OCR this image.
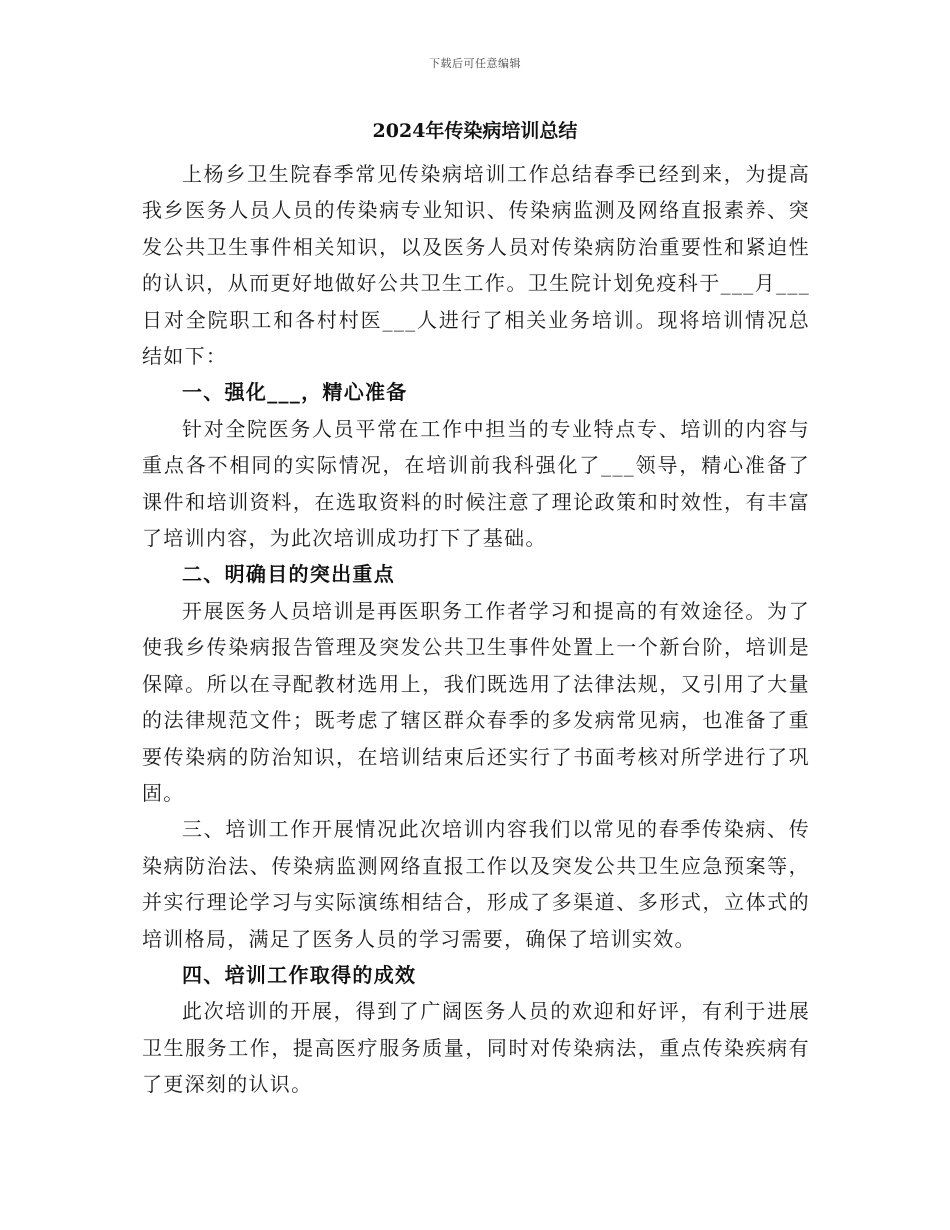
下载后可任意编辑
2024年传染病培训总结

上杨乡卫生院春季常见传染病培训工作总结春季已经到来，为提高我乡医务人员人员的传染病专业知识、传染病监测及网络直报素养、突发公共卫生事件相关知识，以及医务人员对传染病防治重要性和紧迫性的认识，从而更好地做好公共卫生工作。卫生院计划免疫科于___月___日对全院职工和各村村医___人进行了相关业务培训。现将培训情况总结如下：

一、强化___，精心准备

针对全院医务人员平常在工作中担当的专业特点专、培训的内容与重点各不相同的实际情况，在培训前我科强化了___领导，精心准备了课件和培训资料，在选取资料的时候注意了理论政策和时效性，有丰富了培训内容，为此次培训成功打下了基础。

二、明确目的突出重点

开展医务人员培训是再医职务工作者学习和提高的有效途径。为了使我乡传染病报告管理及突发公共卫生事件处置上一个新台阶，培训是保障。所以在寻配教材选用上，我们既选用了法律法规，又引用了大量的法律规范文件；既考虑了辖区群众春季的多发病常见病，也准备了重要传染病的防治知识，在培训结束后还实行了书面考核对所学进行了巩固。

三、培训工作开展情况此次培训内容我们以常见的春季传染病、传染病防治法、传染病监测网络直报工作以及突发公共卫生应急预案等，并实行理论学习与实际演练相结合，形成了多渠道、多形式，立体式的培训格局，满足了医务人员的学习需要，确保了培训实效。

四、培训工作取得的成效

此次培训的开展，得到了广阔医务人员的欢迎和好评，有利于进展卫生服务工作，提高医疗服务质量，同时对传染病法，重点传染疾病有了更深刻的认识。
